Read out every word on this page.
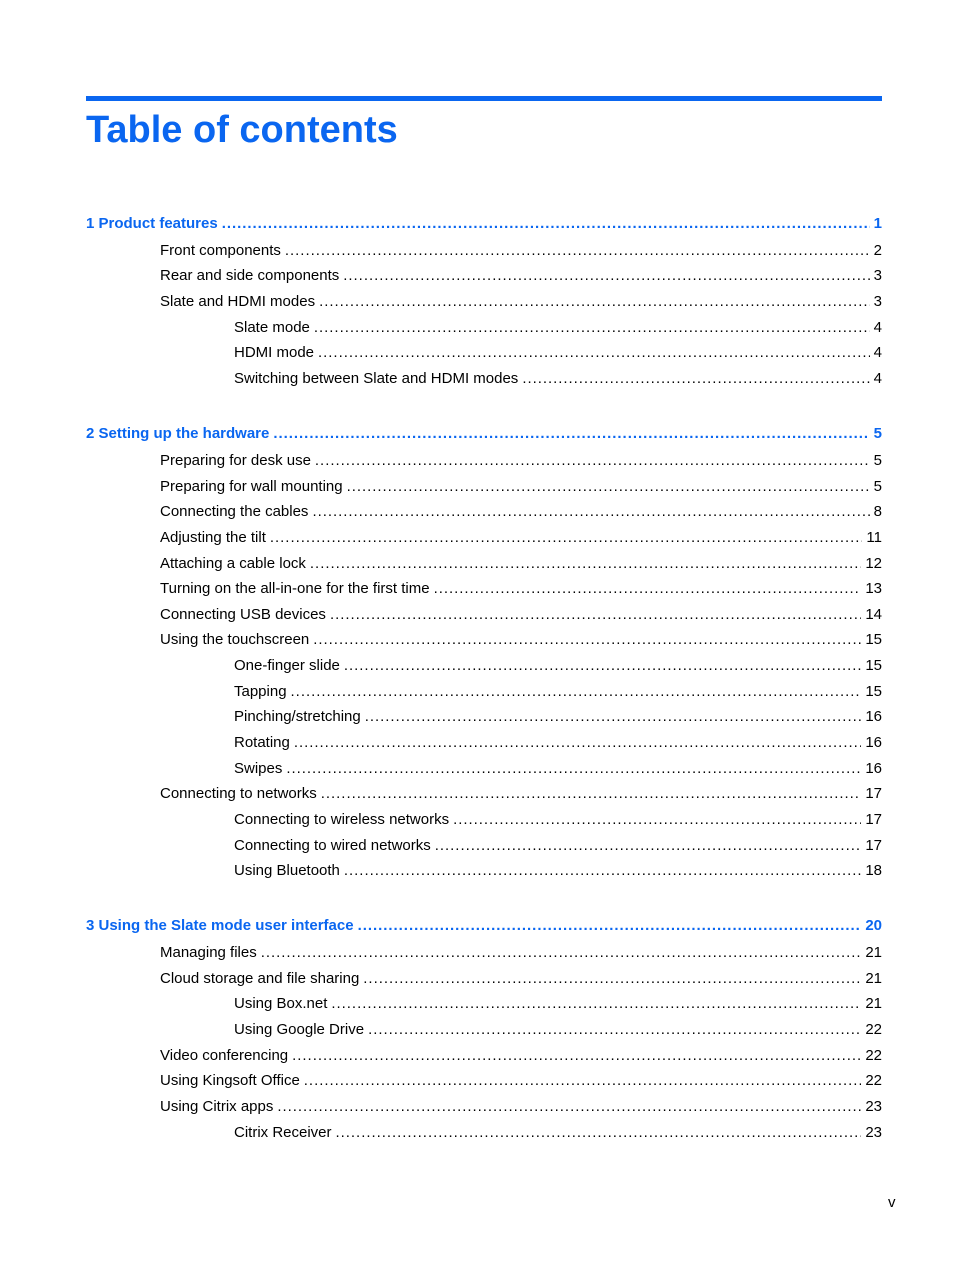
Table of contents
1 Product features . . .	1
Front components . . .	2
Rear and side components . . .	3
Slate and HDMI modes . . .	3
Slate mode . . .	4
HDMI mode . . .	4
Switching between Slate and HDMI modes . . .	4
2 Setting up the hardware . . .	5
Preparing for desk use . . .	5
Preparing for wall mounting . . .	5
Connecting the cables . . .	8
Adjusting the tilt . . .	11
Attaching a cable lock . . .	12
Turning on the all-in-one for the first time . . .	13
Connecting USB devices . . .	14
Using the touchscreen . . .	15
One-finger slide . . .	15
Tapping . . .	15
Pinching/stretching . . .	16
Rotating . . .	16
Swipes . . .	16
Connecting to networks . . .	17
Connecting to wireless networks . . .	17
Connecting to wired networks . . .	17
Using Bluetooth . . .	18
3 Using the Slate mode user interface . . .	20
Managing files . . .	21
Cloud storage and file sharing . . .	21
Using Box.net . . .	21
Using Google Drive . . .	22
Video conferencing . . .	22
Using Kingsoft Office . . .	22
Using Citrix apps . . .	23
Citrix Receiver . . .	23
v
